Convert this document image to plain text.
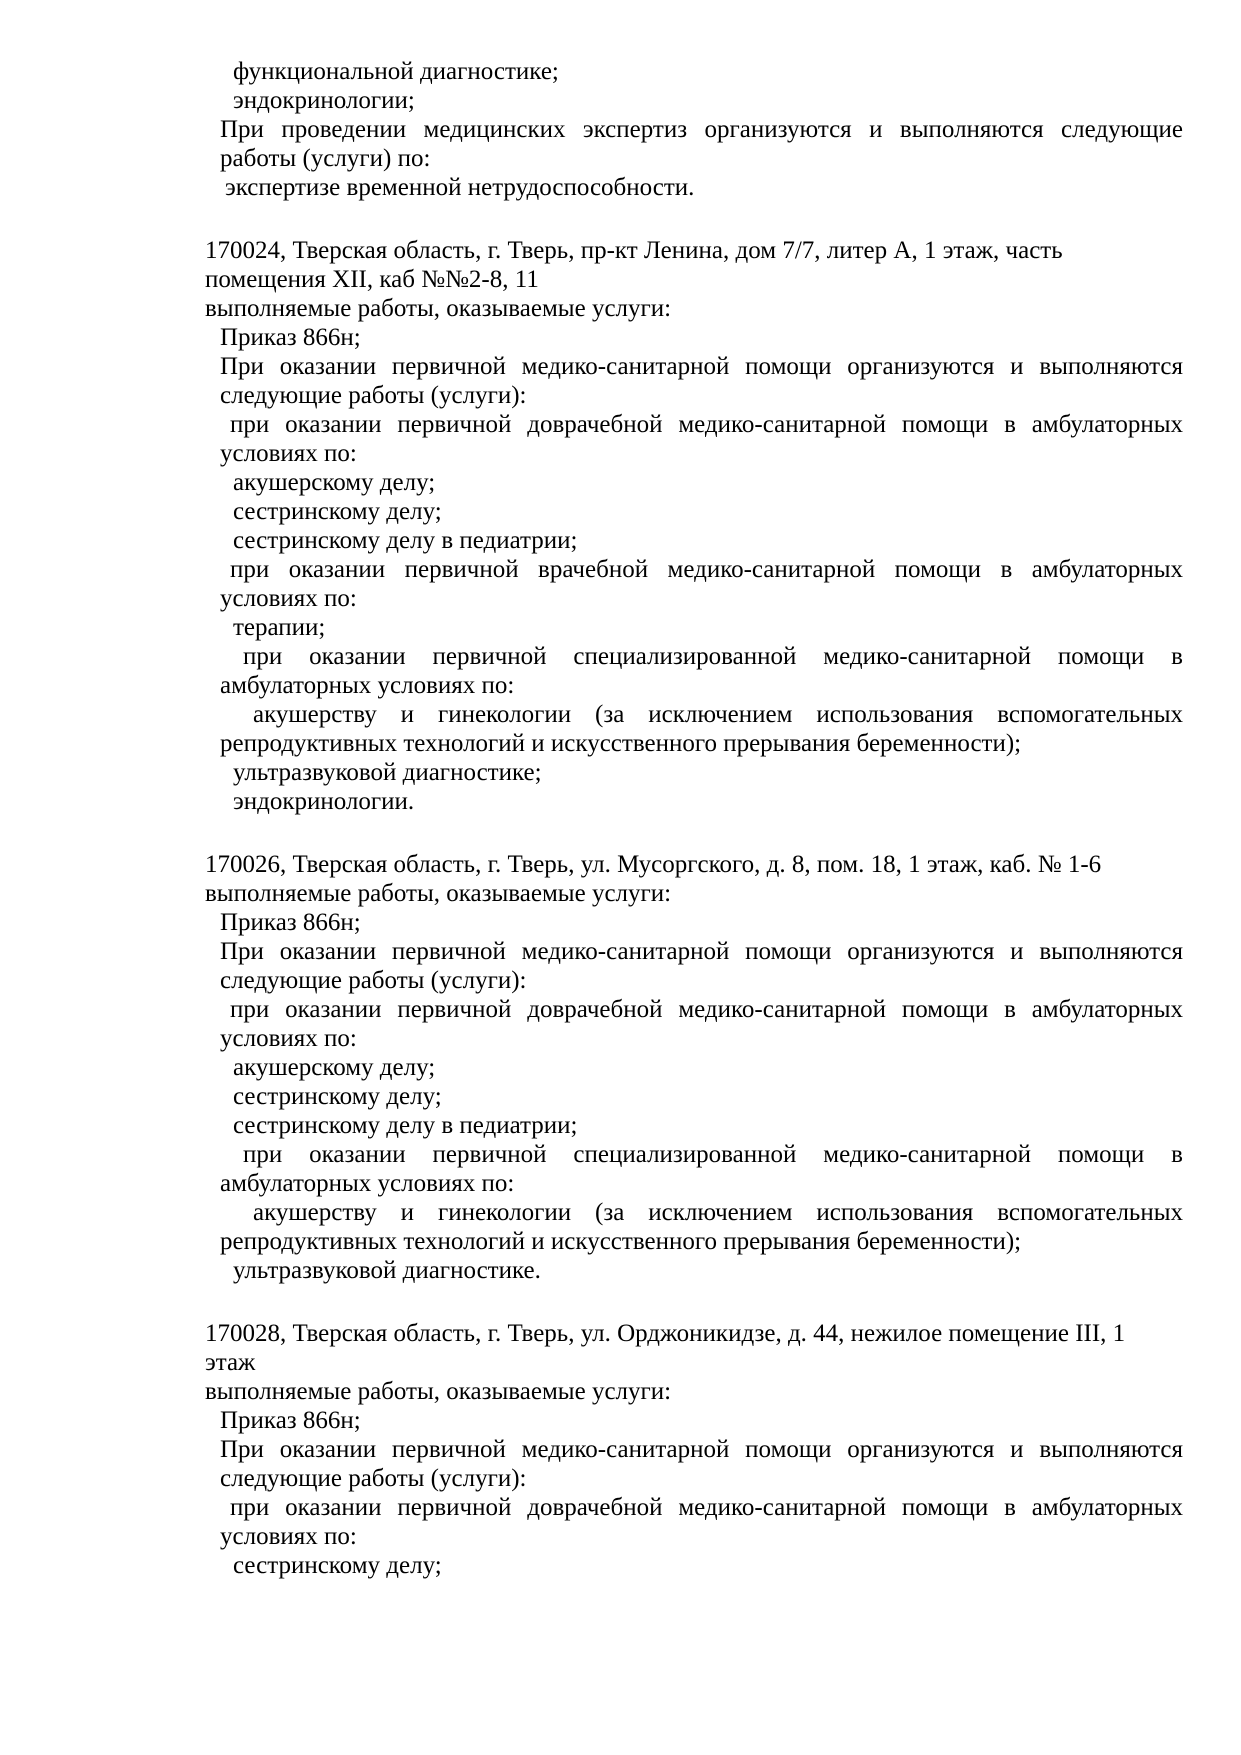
функциональной диагностике;
эндокринологии;
При проведении медицинских экспертиз организуются и выполняются следующие
работы (услуги) по:
экспертизе временной нетрудоспособности.
170024, Тверская область, г. Тверь, пр-кт Ленина, дом 7/7, литер А, 1 этаж, часть
помещения XII, каб №№2-8, 11
выполняемые работы, оказываемые услуги:
Приказ 866н;
При оказании первичной медико-санитарной помощи организуются и выполняются
следующие работы (услуги):
при оказании первичной доврачебной медико-санитарной помощи в амбулаторных
условиях по:
акушерскому делу;
сестринскому делу;
сестринскому делу в педиатрии;
при оказании первичной врачебной медико-санитарной помощи в амбулаторных
условиях по:
терапии;
при оказании первичной специализированной медико-санитарной помощи в
амбулаторных условиях по:
акушерству и гинекологии (за исключением использования вспомогательных
репродуктивных технологий и искусственного прерывания беременности);
ультразвуковой диагностике;
эндокринологии.
170026, Тверская область, г. Тверь, ул. Мусоргского, д. 8, пом. 18, 1 этаж, каб. № 1-6
выполняемые работы, оказываемые услуги:
Приказ 866н;
При оказании первичной медико-санитарной помощи организуются и выполняются
следующие работы (услуги):
при оказании первичной доврачебной медико-санитарной помощи в амбулаторных
условиях по:
акушерскому делу;
сестринскому делу;
сестринскому делу в педиатрии;
при оказании первичной специализированной медико-санитарной помощи в
амбулаторных условиях по:
акушерству и гинекологии (за исключением использования вспомогательных
репродуктивных технологий и искусственного прерывания беременности);
ультразвуковой диагностике.
170028, Тверская область, г. Тверь, ул. Орджоникидзе, д. 44, нежилое помещение III, 1
этаж
выполняемые работы, оказываемые услуги:
Приказ 866н;
При оказании первичной медико-санитарной помощи организуются и выполняются
следующие работы (услуги):
при оказании первичной доврачебной медико-санитарной помощи в амбулаторных
условиях по:
сестринскому делу;
